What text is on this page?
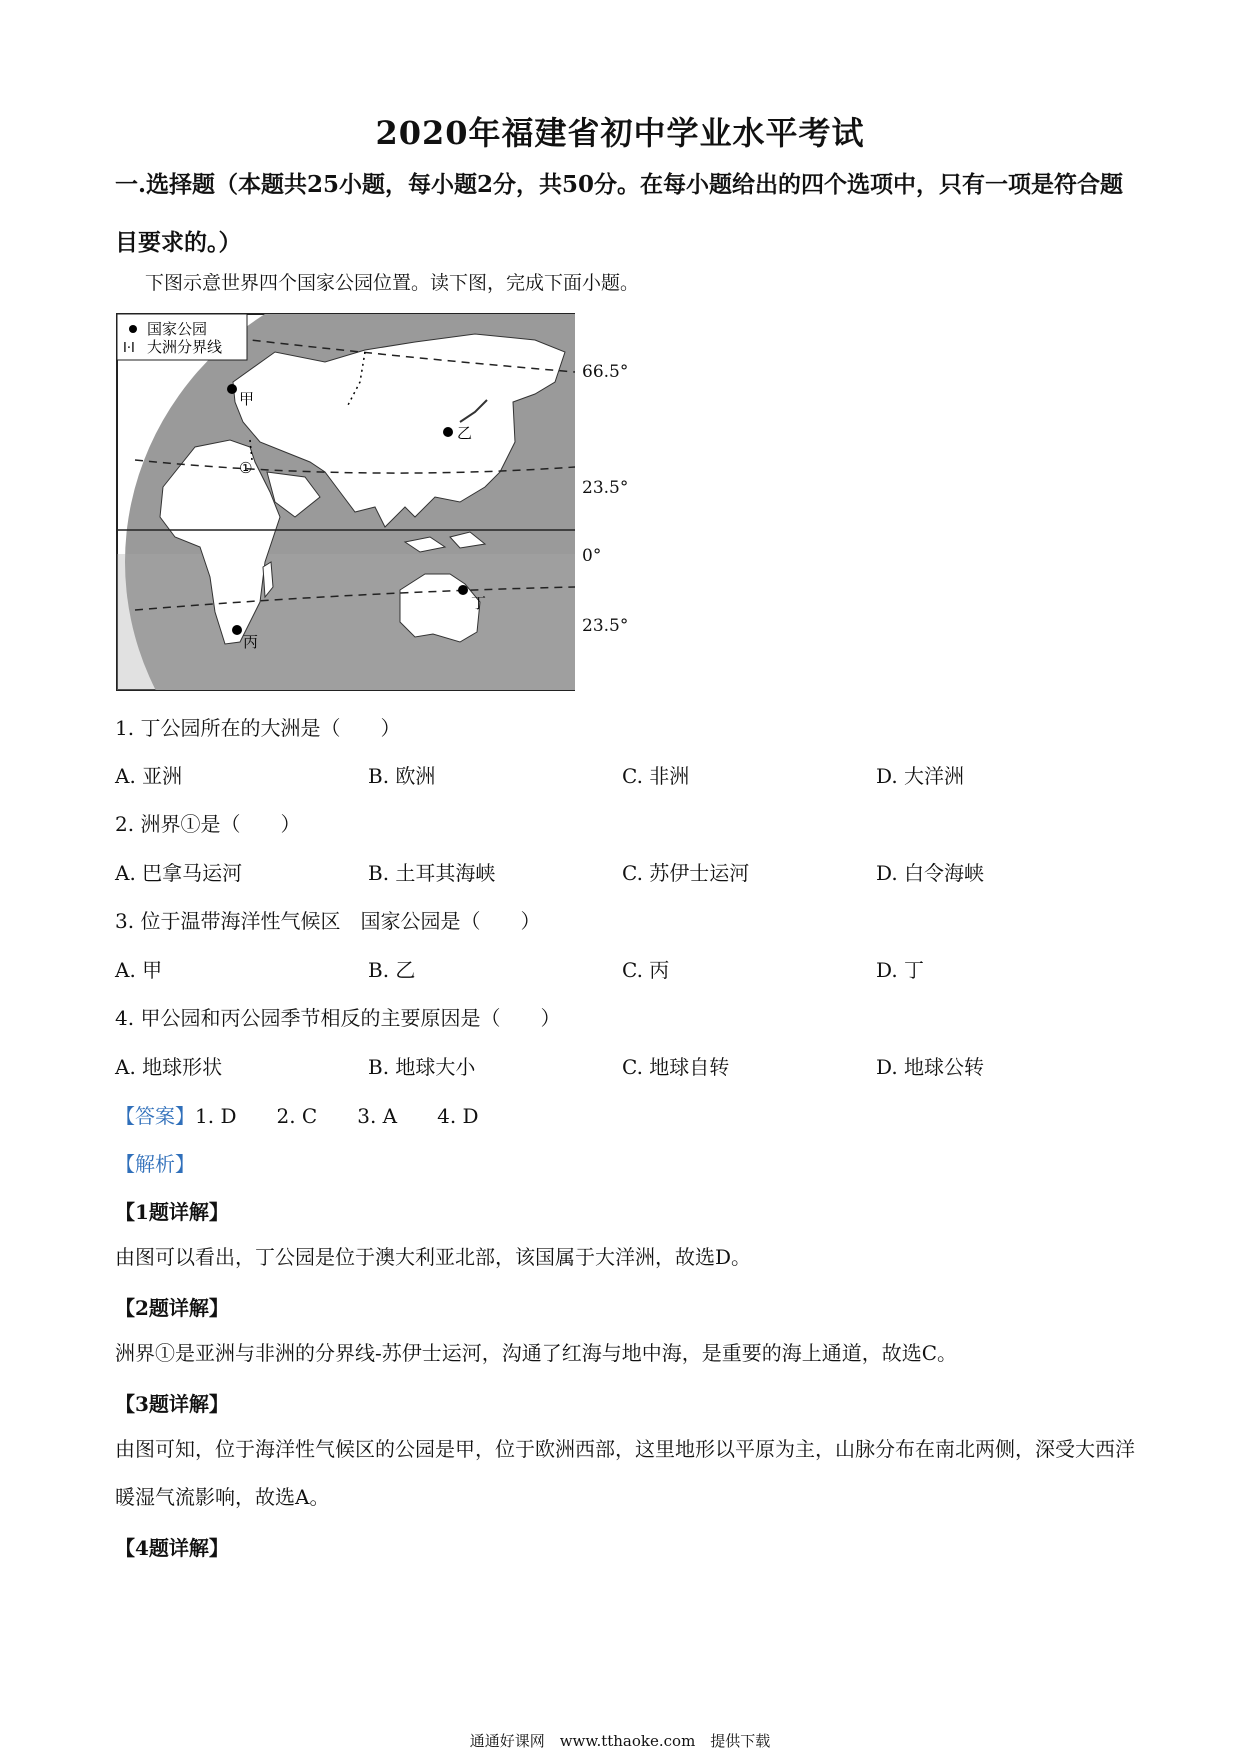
2020年福建省初中学业水平考试
一.选择题（本题共25小题，每小题2分，共50分。在每小题给出的四个选项中，只有一项是符合题目要求的。）
下图示意世界四个国家公园位置。读下图，完成下面小题。
国家公园
I·I 大洲分界线
甲
乙
丙
丁
①
66.5°
23.5°
0°
23.5°
1. 丁公园所在的大洲是（　　）
A. 亚洲	B. 欧洲	C. 非洲	D. 大洋洲
2. 洲界①是（　　）
A. 巴拿马运河	B. 土耳其海峡	C. 苏伊士运河	D. 白令海峡
3. 位于温带海洋性气候区　国家公园是（　　）
A. 甲	B. 乙	C. 丙	D. 丁
4. 甲公园和丙公园季节相反的主要原因是（　　）
A. 地球形状	B. 地球大小	C. 地球自转	D. 地球公转
【答案】1. D　　2. C　　3. A　　4. D
【解析】
【1题详解】
由图可以看出，丁公园是位于澳大利亚北部，该国属于大洋洲，故选D。
【2题详解】
洲界①是亚洲与非洲的分界线-苏伊士运河，沟通了红海与地中海，是重要的海上通道，故选C。
【3题详解】
由图可知，位于海洋性气候区的公园是甲，位于欧洲西部，这里地形以平原为主，山脉分布在南北两侧，深受大西洋暖湿气流影响，故选A。
【4题详解】
通通好课网　www.tthaoke.com　提供下载
